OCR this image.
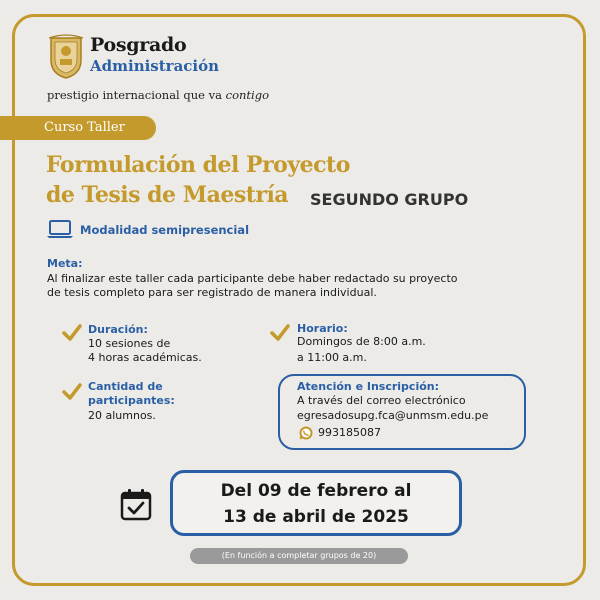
Posgrado
Administración
prestigio internacional que va contigo
Curso Taller
Formulación del Proyecto
de Tesis de Maestría SEGUNDO GRUPO
Modalidad semipresencial
Meta:
Al finalizar este taller cada participante debe haber redactado su proyecto
de tesis completo para ser registrado de manera individual.
Duración:
10 sesiones de
4 horas académicas.
Horario:
Domingos de 8:00 a.m.
a 11:00 a.m.
Cantidad de
participantes:
20 alumnos.
Atención e Inscripción:
A través del correo electrónico
egresadosupg.fca@unmsm.edu.pe
993185087
Del 09 de febrero al
13 de abril de 2025
(En función a completar grupos de 20)
